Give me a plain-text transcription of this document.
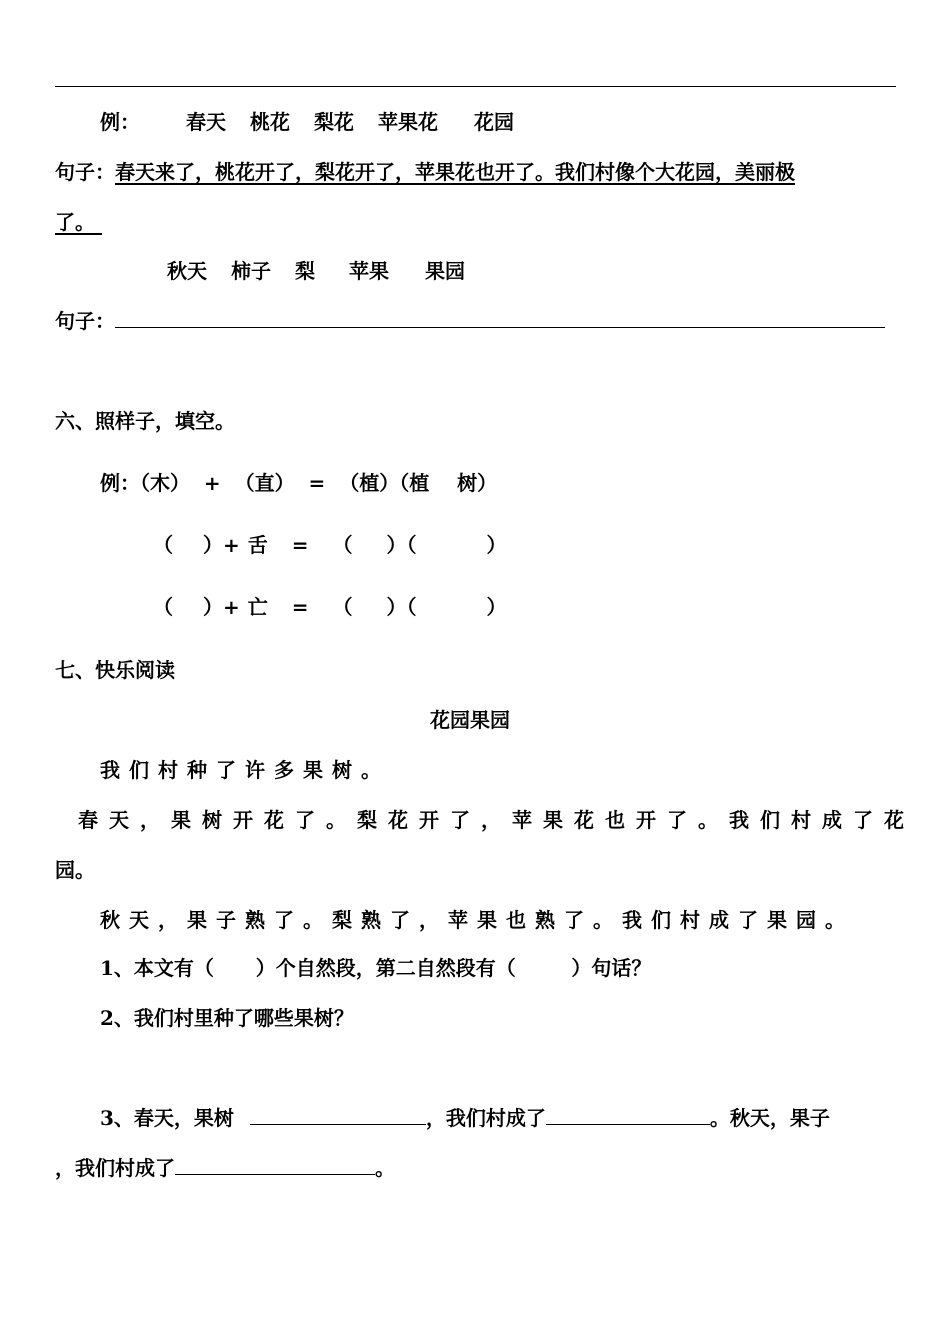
例： 春天 桃花 梨花 苹果花 花园
句子：春天来了，桃花开了，梨花开了，苹果花也开了。我们村像个大花园，美丽极
了。
秋天 柿子 梨 苹果 果园
句子：
六、照样子，填空。
例：（木）  +  （直）  =  （植）（植    树）
（ ）+ 舌 = （ ）（	）
（ ）+ 亡 = （ ）（	）
七、快乐阅读
花园果园
我们村种了许多果树。
春天，果树开花了。梨花开了，苹果花也开了。我们村成了花
园。
秋天，果子熟了。梨熟了，苹果也熟了。我们村成了果园。
1、本文有（      ）个自然段，第二自然段有（        ）句话？
2、我们村里种了哪些果树？
3、春天，果树	，我们村成了	。秋天，果子
，我们村成了	。
